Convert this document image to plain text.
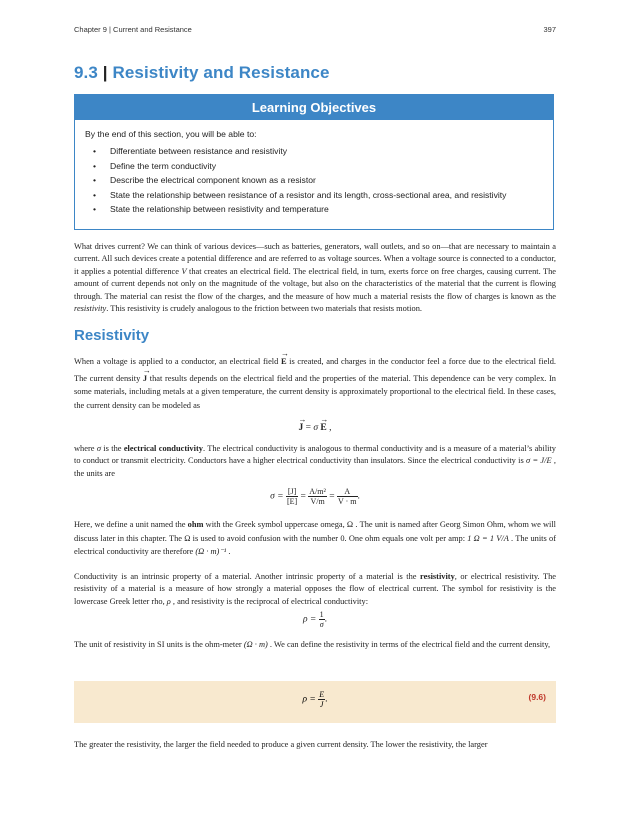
Chapter 9 | Current and Resistance	397
9.3 | Resistivity and Resistance
Learning Objectives
By the end of this section, you will be able to:
• Differentiate between resistance and resistivity
• Define the term conductivity
• Describe the electrical component known as a resistor
• State the relationship between resistance of a resistor and its length, cross-sectional area, and resistivity
• State the relationship between resistivity and temperature

What drives current? We can think of various devices—such as batteries, generators, wall outlets, and so on—that are necessary to maintain a current. All such devices create a potential difference and are referred to as voltage sources. When a voltage source is connected to a conductor, it applies a potential difference V that creates an electrical field. The electrical field, in turn, exerts force on free charges, causing current. The amount of current depends not only on the magnitude of the voltage, but also on the characteristics of the material that the current is flowing through. The material can resist the flow of the charges, and the measure of how much a material resists the flow of charges is known as the resistivity. This resistivity is crudely analogous to the friction between two materials that resists motion.

Resistivity

When a voltage is applied to a conductor, an electrical field → E is created, and charges in the conductor feel a force due to the electrical field. The current density → J that results depends on the electrical field and the properties of the material. This dependence can be very complex. In some materials, including metals at a given temperature, the current density is approximately proportional to the electrical field. In these cases, the current density can be modeled as

→ J = σ → E ,

where σ is the electrical conductivity. The electrical conductivity is analogous to thermal conductivity and is a measure of a material’s ability to conduct or transmit electricity. Conductors have a higher electrical conductivity than insulators. Since the electrical conductivity is σ = J/E , the units are

$\sigma = \frac{[J]}{[E]} = \frac{\text{A/m²}}{V/m} = \frac{A}{V \cdot m}$ .

Here, we define a unit named the ohm with the Greek symbol uppercase omega, Ω . The unit is named after Georg Simon Ohm, whom we will discuss later in this chapter. The Ω is used to avoid confusion with the number 0. One ohm equals one volt per amp: 1 Ω = 1 V/A . The units of electrical conductivity are therefore (Ω · m)⁻¹ .

Conductivity is an intrinsic property of a material. Another intrinsic property of a material is the resistivity, or electrical resistivity. The resistivity of a material is a measure of how strongly a material opposes the flow of electrical current. The symbol for resistivity is the lowercase Greek letter rho, ρ , and resistivity is the reciprocal of electrical conductivity:

$\rho = \frac{1}{\sigma}$ .

The unit of resistivity in SI units is the ohm-meter (Ω · m) . We can define the resistivity in terms of the electrical field and the current density,

$\rho = \frac{E}{J}$ .	(9.6)

The greater the resistivity, the larger the field needed to produce a given current density. The lower the resistivity, the larger
